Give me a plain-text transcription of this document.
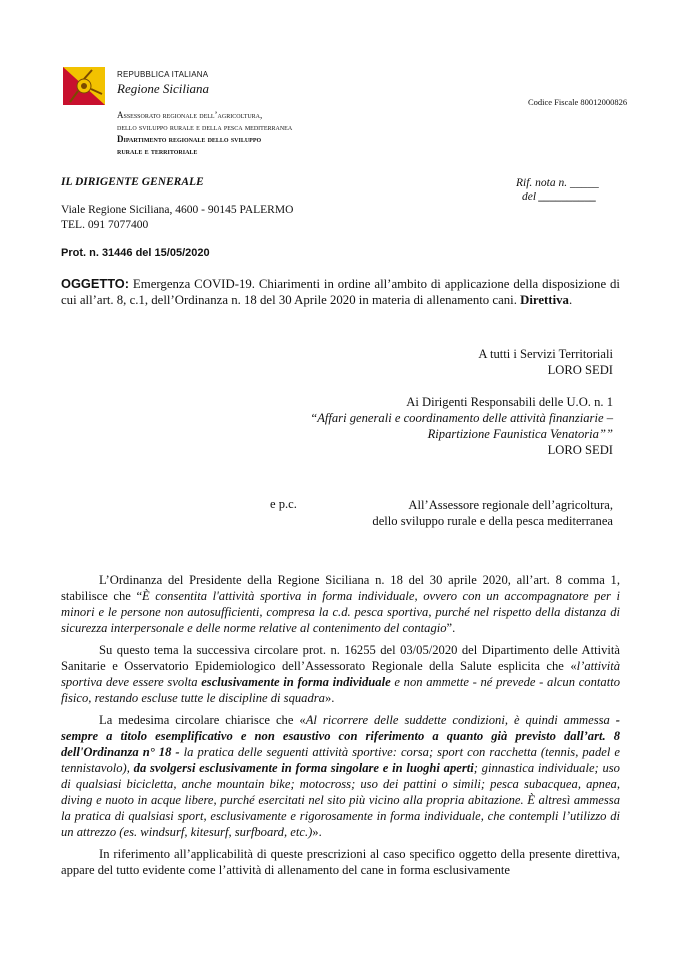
REPUBBLICA ITALIANA
Regione Siciliana
Codice Fiscale 80012000826
Assessorato regionale dell’agricoltura,
dello sviluppo rurale e della pesca mediterranea
Dipartimento regionale dello sviluppo
rurale e territoriale
IL DIRIGENTE GENERALE
Viale Regione Siciliana, 4600 - 90145 PALERMO
TEL. 091 7077400
Rif. nota n. _____
del __________
Prot. n. 31446 del 15/05/2020
OGGETTO: Emergenza COVID-19. Chiarimenti in ordine all’ambito di applicazione della disposizione di cui all’art. 8, c.1, dell’Ordinanza n. 18 del 30 Aprile 2020 in materia di allenamento cani. Direttiva.
A tutti i Servizi Territoriali
LORO SEDI
Ai Dirigenti Responsabili delle U.O. n. 1
“Affari generali e coordinamento delle attività finanziarie –
Ripartizione Faunistica Venatoria””
LORO SEDI
e p.c.	All’Assessore regionale dell’agricoltura,
dello sviluppo rurale e della pesca mediterranea

L’Ordinanza del Presidente della Regione Siciliana n. 18 del 30 aprile 2020, all’art. 8 comma 1, stabilisce che “È consentita l'attività sportiva in forma individuale, ovvero con un accompagnatore per i minori e le persone non autosufficienti, compresa la c.d. pesca sportiva, purché nel rispetto della distanza di sicurezza interpersonale e delle norme relative al contenimento del contagio”.

Su questo tema la successiva circolare prot. n. 16255 del 03/05/2020 del Dipartimento delle Attività Sanitarie e Osservatorio Epidemiologico dell’Assessorato Regionale della Salute esplicita che «l’attività sportiva deve essere svolta esclusivamente in forma individuale e non ammette - né prevede - alcun contatto fisico, restando escluse tutte le discipline di squadra».

La medesima circolare chiarisce che «Al ricorrere delle suddette condizioni, è quindi ammessa - sempre a titolo esemplificativo e non esaustivo con riferimento a quanto già previsto dall’art. 8 dell'Ordinanza n° 18 - la pratica delle seguenti attività sportive: corsa; sport con racchetta (tennis, padel e tennistavolo), da svolgersi esclusivamente in forma singolare e in luoghi aperti; ginnastica individuale; uso di qualsiasi bicicletta, anche mountain bike; motocross; uso dei pattini o simili; pesca subacquea, apnea, diving e nuoto in acque libere, purché esercitati nel sito più vicino alla propria abitazione. È altresì ammessa la pratica di qualsiasi sport, esclusivamente e rigorosamente in forma individuale, che contempli l’utilizzo di un attrezzo (es. windsurf, kitesurf, surfboard, etc.)».

In riferimento all’applicabilità di queste prescrizioni al caso specifico oggetto della presente direttiva, appare del tutto evidente come l’attività di allenamento del cane in forma esclusivamente
